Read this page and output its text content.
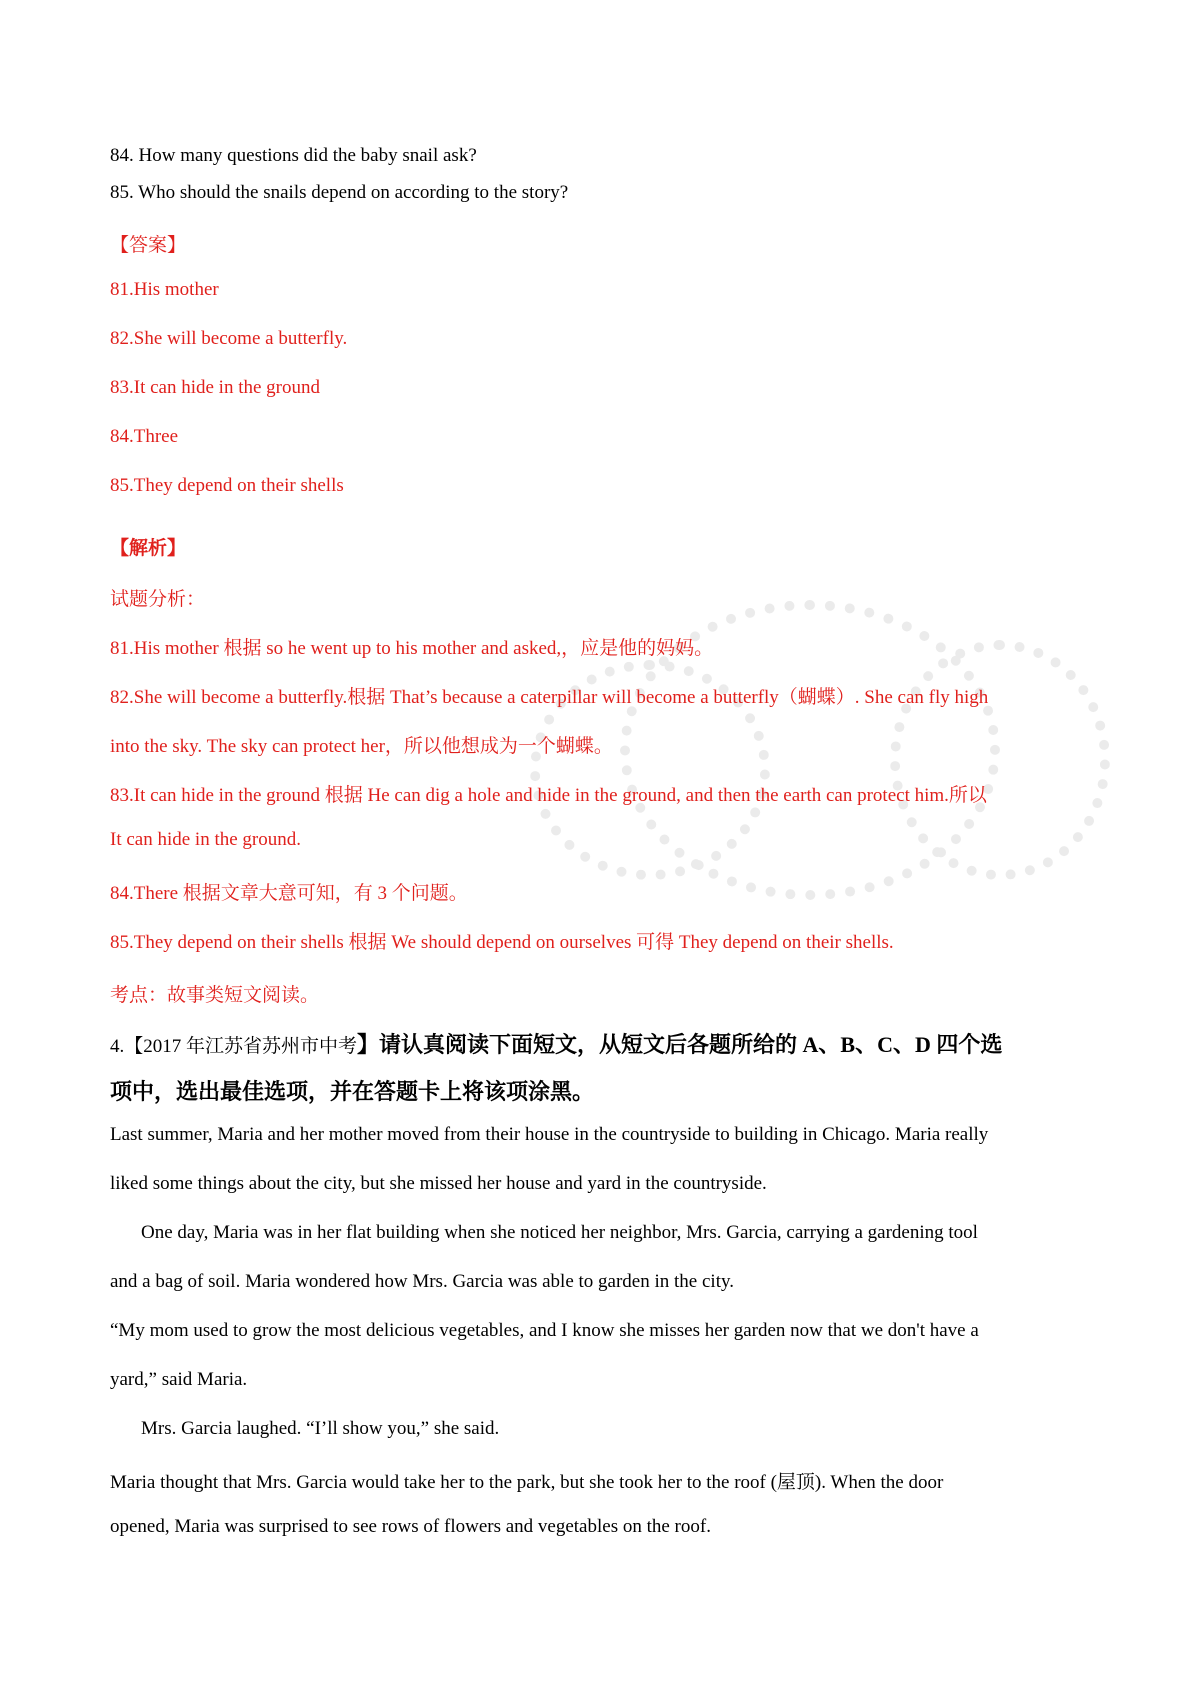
84. How many questions did the baby snail ask?
85. Who should the snails depend on according to the story?
【答案】
81.His mother
82.She will become a butterfly.
83.It can hide in the ground
84.Three
85.They depend on their shells
【解析】
试题分析：
81.His mother 根据 so he went up to his mother and asked,，应是他的妈妈。
82.She will become a butterfly.根据 That’s because a caterpillar will become a butterfly（蝴蝶）. She can fly high
into the sky. The sky can protect her，所以他想成为一个蝴蝶。
83.It can hide in the ground 根据 He can dig a hole and hide in the ground, and then the earth can protect him.所以
It can hide in the ground.
84.There 根据文章大意可知，有 3 个问题。
85.They depend on their shells 根据 We should depend on ourselves 可得 They depend on their shells.
考点：故事类短文阅读。
4.【2017 年江苏省苏州市中考】请认真阅读下面短文，从短文后各题所给的 A、B、C、D 四个选
项中，选出最佳选项，并在答题卡上将该项涂黑。
Last summer, Maria and her mother moved from their house in the countryside to building in Chicago. Maria really
liked some things about the city, but she missed her house and yard in the countryside.
One day, Maria was in her flat building when she noticed her neighbor, Mrs. Garcia, carrying a gardening tool
and a bag of soil. Maria wondered how Mrs. Garcia was able to garden in the city.
“My mom used to grow the most delicious vegetables, and I know she misses her garden now that we don't have a
yard,” said Maria.
Mrs. Garcia laughed. “I’ll show you,” she said.
Maria thought that Mrs. Garcia would take her to the park, but she took her to the roof (屋顶). When the door
opened, Maria was surprised to see rows of flowers and vegetables on the roof.
